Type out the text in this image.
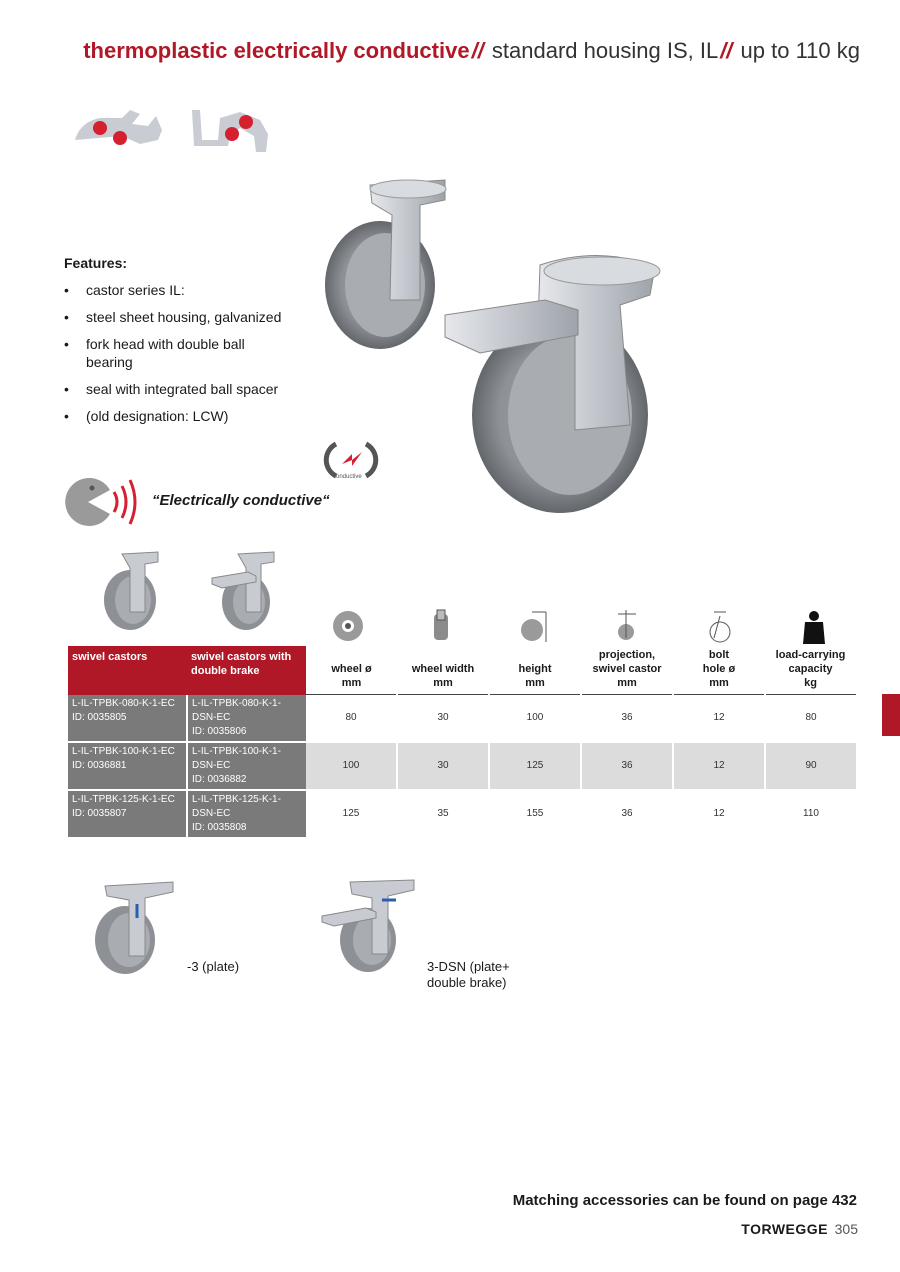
thermoplastic electrically conductive// standard housing IS, IL// up to 110 kg
Features:
• castor series IL:
• steel sheet housing, galvanized
• fork head with double ball bearing
• seal with integrated ball spacer
• (old designation: LCW)
conductive
“Electrically conductive“
swivel castors	swivel castors with double brake	wheel ø
mm	wheel width
mm	height
mm	projection,
swivel castor
mm	bolt
hole ø
mm	load-carrying
capacity
kg
L-IL-TPBK-080-K-1-EC
ID: 0035805	L-IL-TPBK-080-K-1-DSN-EC
ID: 0035806	80	30	100	36	12	80
L-IL-TPBK-100-K-1-EC
ID: 0036881	L-IL-TPBK-100-K-1-DSN-EC
ID: 0036882	100	30	125	36	12	90
L-IL-TPBK-125-K-1-EC
ID: 0035807	L-IL-TPBK-125-K-1-DSN-EC
ID: 0035808	125	35	155	36	12	110
-3 (plate)	3-DSN (plate+
double brake)
Matching accessories can be found on page 432
TORWEGGE 305
